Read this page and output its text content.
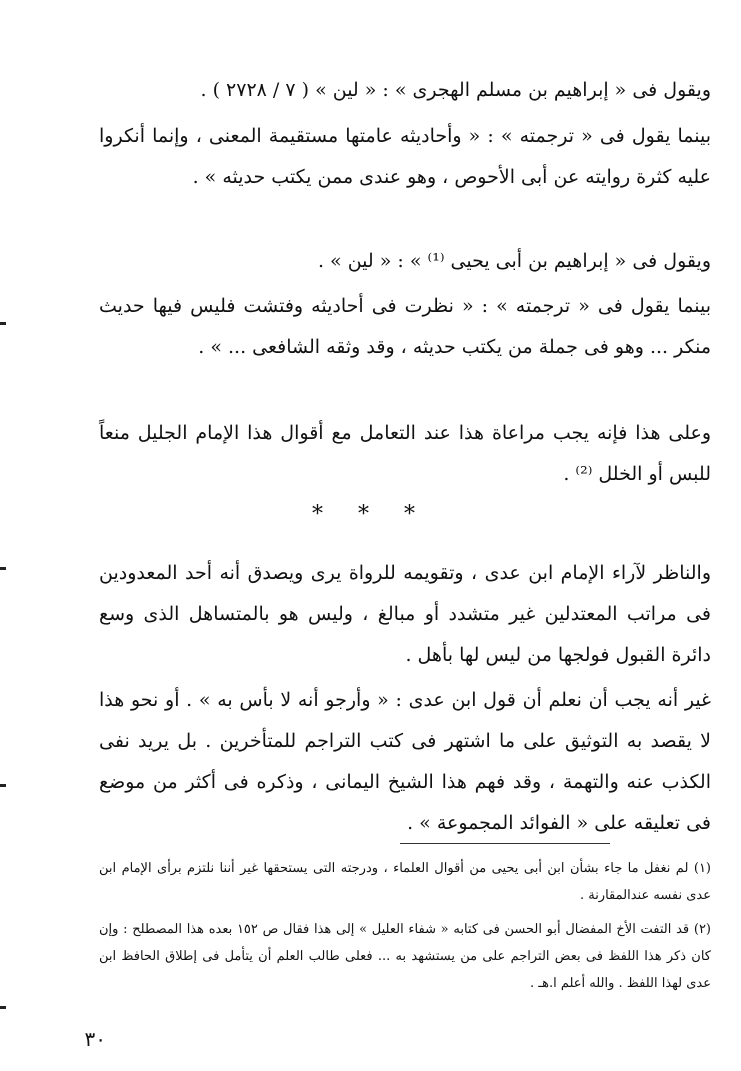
ويقول فى « إبراهيم بن مسلم الهجرى » : « لين » ( ٧ / ٢٧٢٨ ) .

بينما يقول فى « ترجمته » : « وأحاديثه عامتها مستقيمة المعنى ، وإنما أنكروا عليه كثرة روايته عن أبى الأحوص ، وهو عندى ممن يكتب حديثه » .

ويقول فى « إبراهيم بن أبى يحيى ⁽¹⁾ » : « لين » .

بينما يقول فى « ترجمته » : « نظرت فى أحاديثه وفتشت فليس فيها حديث منكر ... وهو فى جملة من يكتب حديثه ، وقد وثقه الشافعى ... » .

وعلى هذا فإنه يجب مراعاة هذا عند التعامل مع أقوال هذا الإمام الجليل منعاً للبس أو الخلل ⁽²⁾ .

* * *

والناظر لآراء الإمام ابن عدى ، وتقويمه للرواة يرى ويصدق أنه أحد المعدودين فى مراتب المعتدلين غير متشدد أو مبالغ ، وليس هو بالمتساهل الذى وسع دائرة القبول فولجها من ليس لها بأهل .

غير أنه يجب أن نعلم أن قول ابن عدى : « وأرجو أنه لا بأس به » . أو نحو هذا لا يقصد به التوثيق على ما اشتهر فى كتب التراجم للمتأخرين . بل يريد نفى الكذب عنه والتهمة ، وقد فهم هذا الشيخ اليمانى ، وذكره فى أكثر من موضع فى تعليقه على « الفوائد المجموعة » .

(١) لم نغفل ما جاء بشأن ابن أبى يحيى من أقوال العلماء ، ودرجته التى يستحقها غير أننا نلتزم برأى الإمام ابن عدى نفسه عندالمقارنة .

(٢) قد التفت الأخ المفضال أبو الحسن فى كتابه « شفاء العليل » إلى هذا فقال ص ١٥٢ بعده هذا المصطلح : وإن كان ذكر هذا اللفظ فى بعض التراجم على من يستشهد به ... فعلى طالب العلم أن يتأمل فى إطلاق الحافظ ابن عدى لهذا اللفظ . والله أعلم ا.هـ .

٣٠
